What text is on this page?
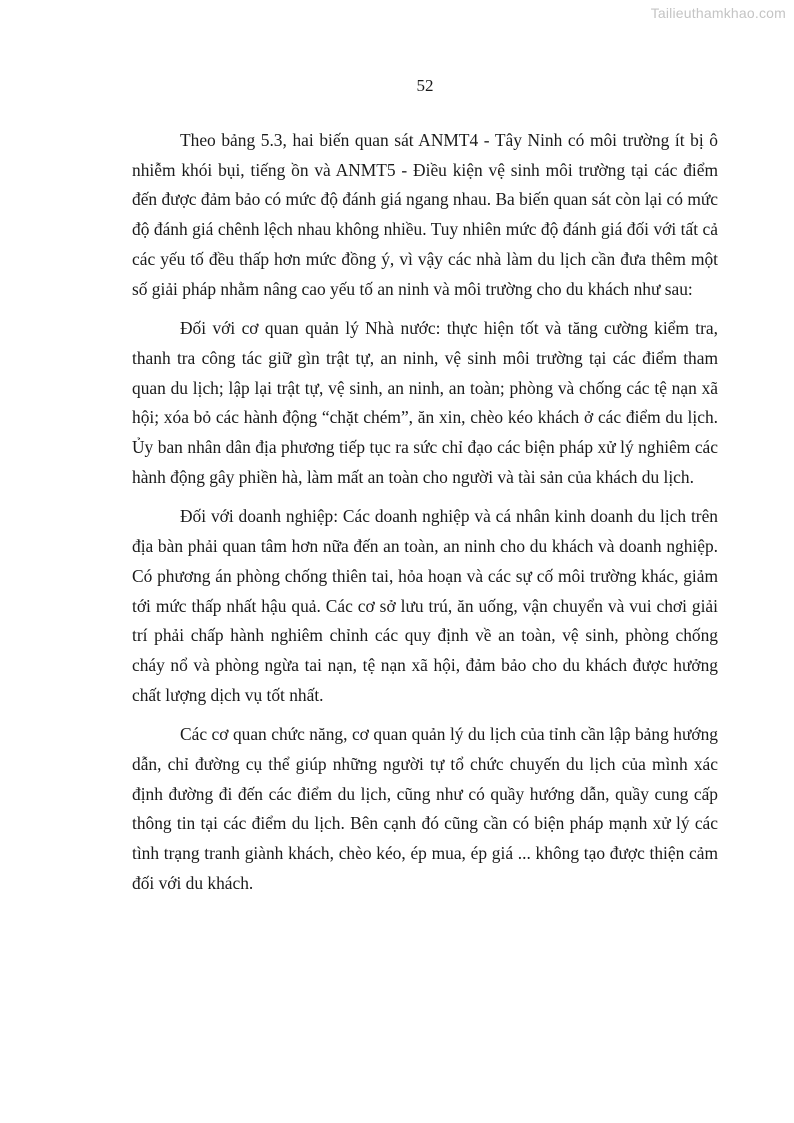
Tailieuthamkhao.com
52

Theo bảng 5.3, hai biến quan sát ANMT4 - Tây Ninh có môi trường ít bị ô nhiễm khói bụi, tiếng ồn và ANMT5 - Điều kiện vệ sinh môi trường tại các điểm đến được đảm bảo có mức độ đánh giá ngang nhau. Ba biến quan sát còn lại có mức độ đánh giá chênh lệch nhau không nhiều. Tuy nhiên mức độ đánh giá đối với tất cả các yếu tố đều thấp hơn mức đồng ý, vì vậy các nhà làm du lịch cần đưa thêm một số giải pháp nhằm nâng cao yếu tố an ninh và môi trường cho du khách như sau:

Đối với cơ quan quản lý Nhà nước: thực hiện tốt và tăng cường kiểm tra, thanh tra công tác giữ gìn trật tự, an ninh, vệ sinh môi trường tại các điểm tham quan du lịch; lập lại trật tự, vệ sinh, an ninh, an toàn; phòng và chống các tệ nạn xã hội; xóa bỏ các hành động “chặt chém”, ăn xin, chèo kéo khách ở các điểm du lịch. Ủy ban nhân dân địa phương tiếp tục ra sức chỉ đạo các biện pháp xử lý nghiêm các hành động gây phiền hà, làm mất an toàn cho người và tài sản của khách du lịch.

Đối với doanh nghiệp: Các doanh nghiệp và cá nhân kinh doanh du lịch trên địa bàn phải quan tâm hơn nữa đến an toàn, an ninh cho du khách và doanh nghiệp. Có phương án phòng chống thiên tai, hỏa hoạn và các sự cố môi trường khác, giảm tới mức thấp nhất hậu quả. Các cơ sở lưu trú, ăn uống, vận chuyển và vui chơi giải trí phải chấp hành nghiêm chỉnh các quy định về an toàn, vệ sinh, phòng chống cháy nổ và phòng ngừa tai nạn, tệ nạn xã hội, đảm bảo cho du khách được hưởng chất lượng dịch vụ tốt nhất.

Các cơ quan chức năng, cơ quan quản lý du lịch của tỉnh cần lập bảng hướng dẫn, chỉ đường cụ thể giúp những người tự tổ chức chuyến du lịch của mình xác định đường đi đến các điểm du lịch, cũng như có quầy hướng dẫn, quầy cung cấp thông tin tại các điểm du lịch. Bên cạnh đó cũng cần có biện pháp mạnh xử lý các tình trạng tranh giành khách, chèo kéo, ép mua, ép giá ... không tạo được thiện cảm đối với du khách.
